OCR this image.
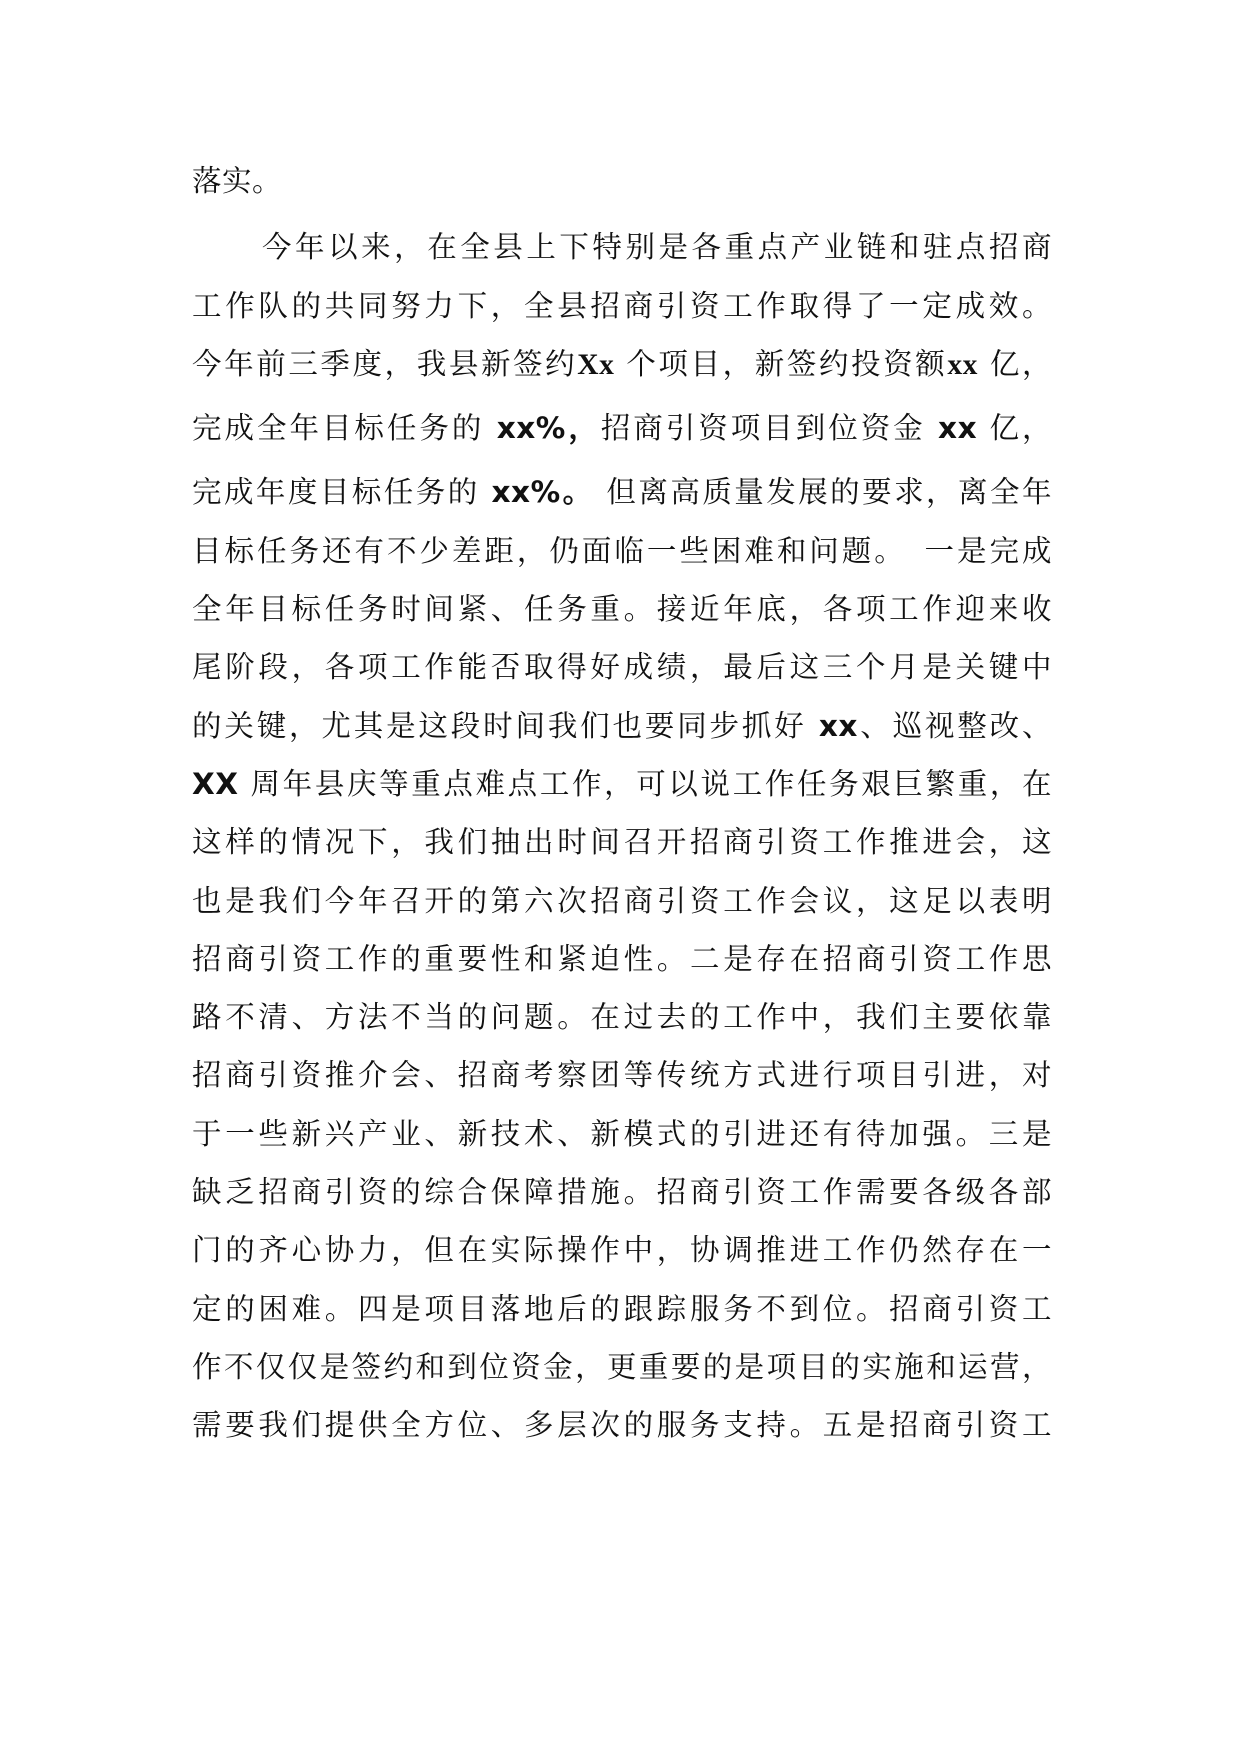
落实。
今年以来，在全县上下特别是各重点产业链和驻点招商
工作队的共同努力下，全县招商引资工作取得了一定成效。
今年前三季度，我县新签约Xx 个项目，新签约投资额xx 亿，
完成全年目标任务的 xx%，招商引资项目到位资金 xx 亿，
完成年度目标任务的 xx%。 但离高质量发展的要求，离全年
目标任务还有不少差距，仍面临一些困难和问题。　一是完成
全年目标任务时间紧、任务重。接近年底，各项工作迎来收
尾阶段，各项工作能否取得好成绩，最后这三个月是关键中
的关键，尤其是这段时间我们也要同步抓好 xx、巡视整改、
XX 周年县庆等重点难点工作，可以说工作任务艰巨繁重，在
这样的情况下，我们抽出时间召开招商引资工作推进会，这
也是我们今年召开的第六次招商引资工作会议，这足以表明
招商引资工作的重要性和紧迫性。二是存在招商引资工作思
路不清、方法不当的问题。在过去的工作中，我们主要依靠
招商引资推介会、招商考察团等传统方式进行项目引进，对
于一些新兴产业、新技术、新模式的引进还有待加强。三是
缺乏招商引资的综合保障措施。招商引资工作需要各级各部
门的齐心协力，但在实际操作中，协调推进工作仍然存在一
定的困难。四是项目落地后的跟踪服务不到位。招商引资工
作不仅仅是签约和到位资金，更重要的是项目的实施和运营，
需要我们提供全方位、多层次的服务支持。五是招商引资工
